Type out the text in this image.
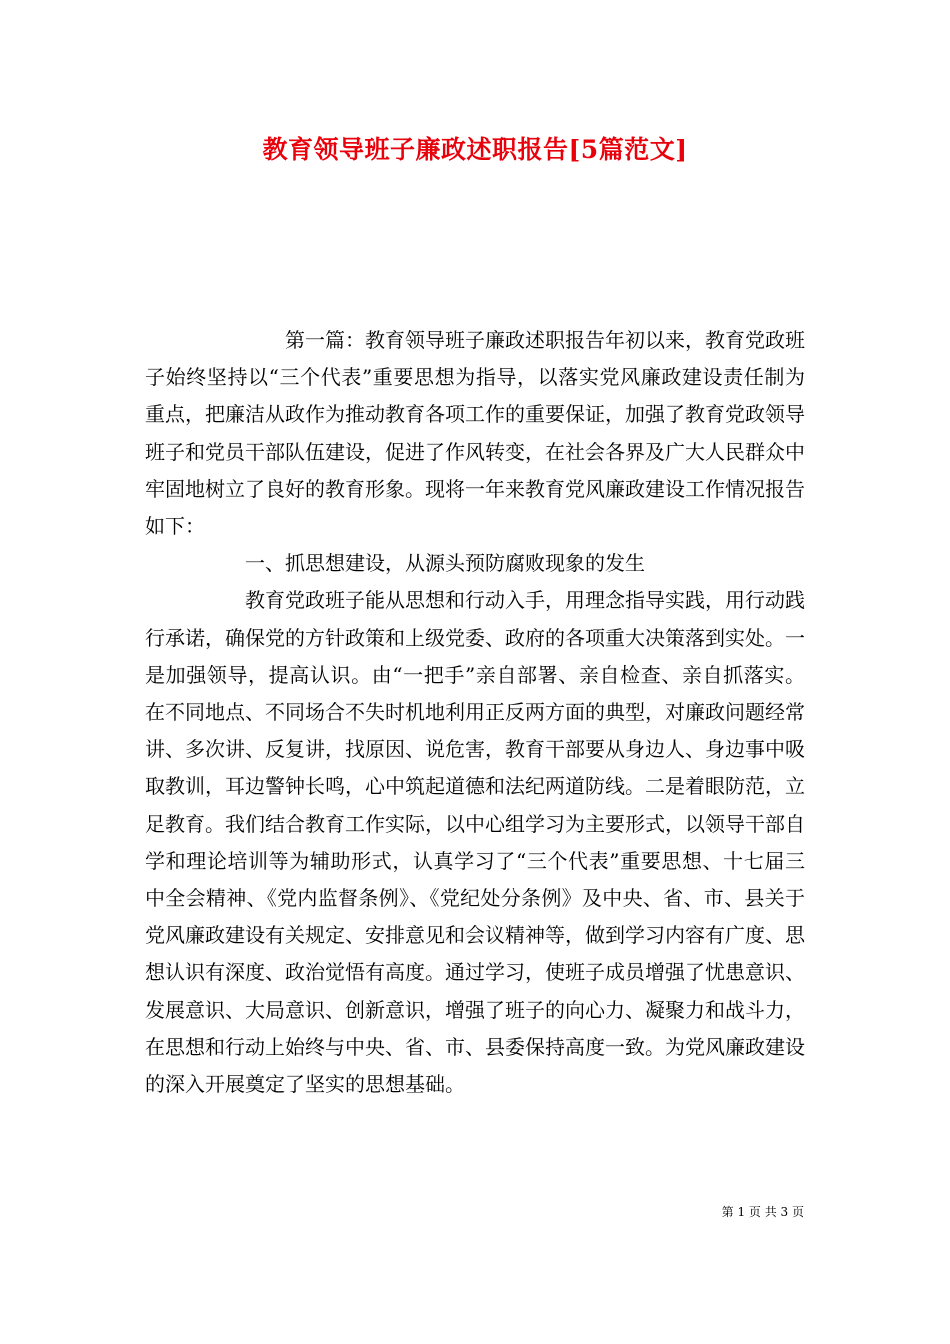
教育领导班子廉政述职报告[5篇范文]

第一篇：教育领导班子廉政述职报告年初以来，教育党政班子始终坚持以“三个代表”重要思想为指导，以落实党风廉政建设责任制为重点，把廉洁从政作为推动教育各项工作的重要保证，加强了教育党政领导班子和党员干部队伍建设，促进了作风转变，在社会各界及广大人民群众中牢固地树立了良好的教育形象。现将一年来教育党风廉政建设工作情况报告如下：

一、抓思想建设，从源头预防腐败现象的发生

教育党政班子能从思想和行动入手，用理念指导实践，用行动践行承诺，确保党的方针政策和上级党委、政府的各项重大决策落到实处。一是加强领导，提高认识。由“一把手”亲自部署、亲自检查、亲自抓落实。在不同地点、不同场合不失时机地利用正反两方面的典型，对廉政问题经常讲、多次讲、反复讲，找原因、说危害，教育干部要从身边人、身边事中吸取教训，耳边警钟长鸣，心中筑起道德和法纪两道防线。二是着眼防范，立足教育。我们结合教育工作实际，以中心组学习为主要形式，以领导干部自学和理论培训等为辅助形式，认真学习了“三个代表”重要思想、十七届三中全会精神、《党内监督条例》、《党纪处分条例》及中央、省、市、县关于党风廉政建设有关规定、安排意见和会议精神等，做到学习内容有广度、思想认识有深度、政治觉悟有高度。通过学习，使班子成员增强了忧患意识、发展意识、大局意识、创新意识，增强了班子的向心力、凝聚力和战斗力，在思想和行动上始终与中央、省、市、县委保持高度一致。为党风廉政建设的深入开展奠定了坚实的思想基础。

第 1 页 共 3 页
